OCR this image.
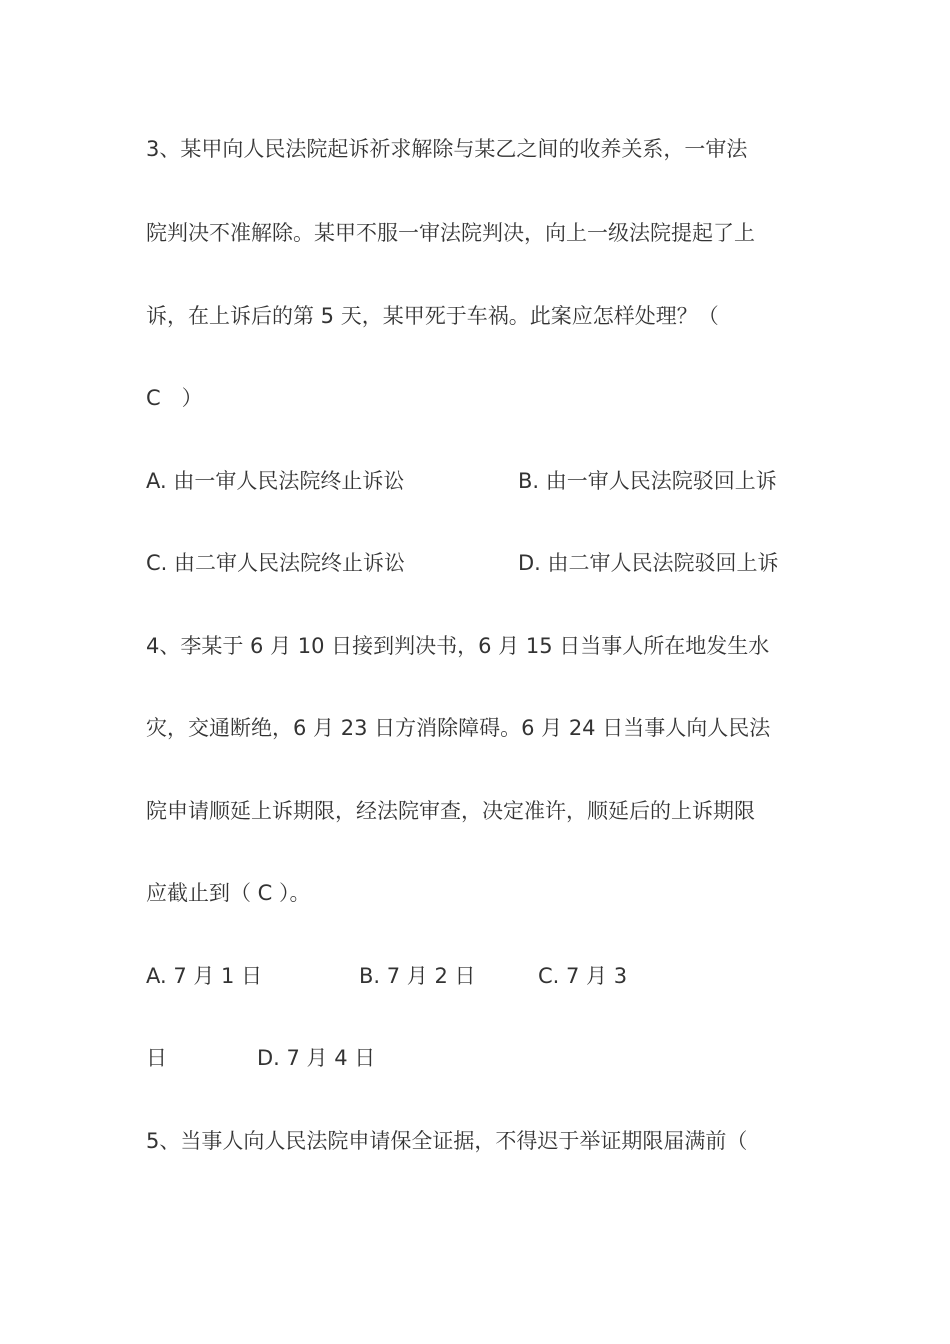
3、某甲向人民法院起诉祈求解除与某乙之间的收养关系，一审法
院判决不准解除。某甲不服一审法院判决，向上一级法院提起了上
诉，在上诉后的第 5 天，某甲死于车祸。此案应怎样处理？（
C　）
A. 由一审人民法院终止诉讼	B. 由一审人民法院驳回上诉
C. 由二审人民法院终止诉讼	D. 由二审人民法院驳回上诉
4、李某于 6 月 10 日接到判决书，6 月 15 日当事人所在地发生水
灾，交通断绝，6 月 23 日方消除障碍。6 月 24 日当事人向人民法
院申请顺延上诉期限，经法院审查，决定准许，顺延后的上诉期限
应截止到（ C ）。
A. 7 月 1 日	B. 7 月 2 日	C. 7 月 3
日	D. 7 月 4 日
5、当事人向人民法院申请保全证据，不得迟于举证期限届满前（
